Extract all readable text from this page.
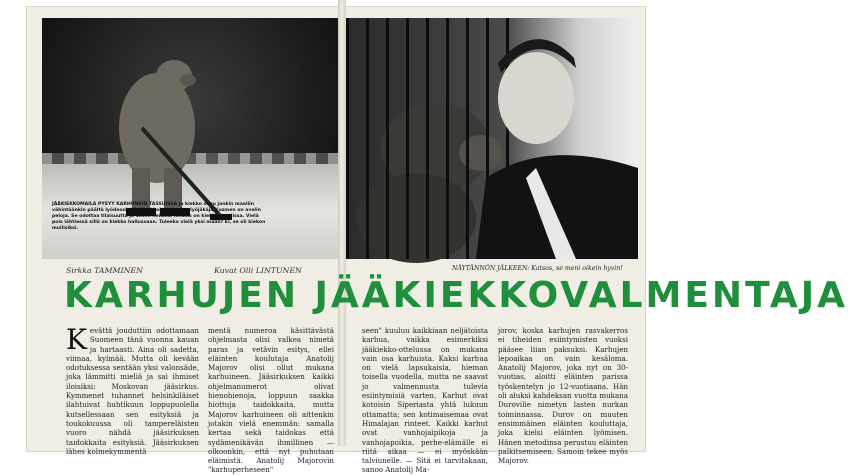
JÄÄKIEKKOMAILA PYSYY KARHUNKIN TASSUISSA ja kiekko osuu jonkin maaliin vähintäänkin päältä lyödessä. Yksijuokkoinen kookaslyöjäkäjä Kuzmen on avelin peloja. Se odottaa tilaisuutta ja sitten heiskis, heiskis on kiekko maalissa. Vielä pois lähtiessä sillä on kiekko hallussaan. Tuleeko vielä yksi maali? Ei, se oli kiekon muilisiksi.

Sirkka TAMMINEN	Kuvat Olli LINTUNEN	NÄYTÄNNÖN JÄLKEEN: Katsos, se meni oikein hyvin!

KARHUJEN JÄÄKIEKKOVALMENTAJA

Kevättä jouduttiin odottamaan Suomeen tänä vuonna kauan ja hartaasti. Aina oli sadetta, viimaa, kylmää. Mutta oli kevään odotuksessa sentään yksi valonsäde, joka lämmitti mieliä ja sai ihmiset iloisiksi: Moskovan jääsirkus. Kymmenet tuhannet helsinkiläiset ilahtuivat huhtikuun loppupuolella kutsellessaan sen esityksiä ja toukokuussa oli tampereläisten vuoro nähdä jääsirkuksen taidokkaita esityksiä. Jääsirkuksen lähes kolmekymmentä

mentä numeroa käsittävästä ohjelmasta olisi valkea nimetä paras ja vetävin esitys, ellei eläinten koulutaja Anatolij Majorov olisi ollut mukana karhuineen. Jääsirkuksen kaikki ohjelmanumerot olivat hienohienoja, loppuun saakka hiottuja taidokkaita, mutta Majorov karhuineen oli aittenkin jotakin vielä enemmän: samalla kertaa sekä taidokas että sydämenikävän ihmillinen — olkoonkin, että nyt puhutaan eläimistä. Anatolij Majorovin "karhuperheseen"

seen" kuuluu kaikkiaan neljätoista karhua, vaikka esimerkiksi jääkiekko-ottelussa on mukana vain osa karhuista. Kaksi karhua on vielä lapsukaisia, hieman toisella vuodella, mutta ne saavat jo valmennusta tulevia esiintymisiä varten. Karhut ovat kotoisin Siperiasta yhtä lukuun ottamatta; sen kotimaisemaa ovat Himalajan rinteet. Kaikki karhut ovat vanhojaipikoja ja vanhojapoikia, perhe-elämälle ei riitä aikaa — ei myöskään talviunelle. — Sitä ei tarvitakaan, sanoo Anatolij Ma-

jorov, koska karhujen rasvakerros ei tiheiden esiintymisten vuoksi pääsee liian paksuksi. Karhujen lepoaikaa on vain kesäloma. Anatolij Majorov, joka nyt on 30-vuotias, aloitti eläinten parissa työskentelyn jo 12-vuotiaana. Hän oli aluksi kahdeksan vuotta mukana Durovilie nimetyn lasten nurkan toiminnassa. Durov on muuten ensimmäinen eläinten kouluttaja, joka kielsi eläinten lyömisen. Hänen metodinsa perustuu eläinten palkitsemiseen. Samoin tekee myös Majorov.
